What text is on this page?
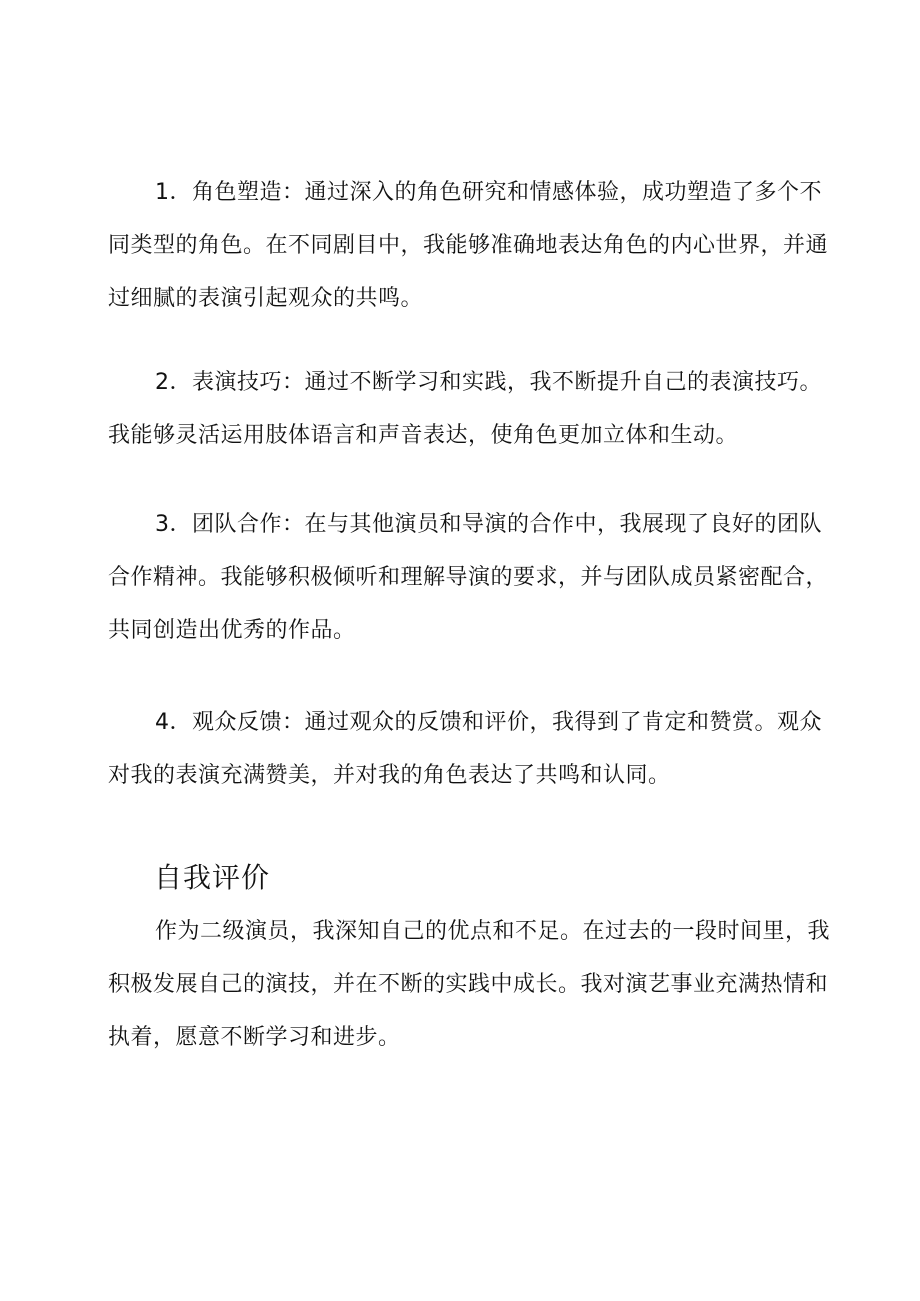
1．角色塑造：通过深入的角色研究和情感体验，成功塑造了多个不同类型的角色。在不同剧目中，我能够准确地表达角色的内心世界，并通过细腻的表演引起观众的共鸣。

2．表演技巧：通过不断学习和实践，我不断提升自己的表演技巧。我能够灵活运用肢体语言和声音表达，使角色更加立体和生动。

3．团队合作：在与其他演员和导演的合作中，我展现了良好的团队合作精神。我能够积极倾听和理解导演的要求，并与团队成员紧密配合，共同创造出优秀的作品。

4．观众反馈：通过观众的反馈和评价，我得到了肯定和赞赏。观众对我的表演充满赞美，并对我的角色表达了共鸣和认同。

自我评价

作为二级演员，我深知自己的优点和不足。在过去的一段时间里，我积极发展自己的演技，并在不断的实践中成长。我对演艺事业充满热情和执着，愿意不断学习和进步。
